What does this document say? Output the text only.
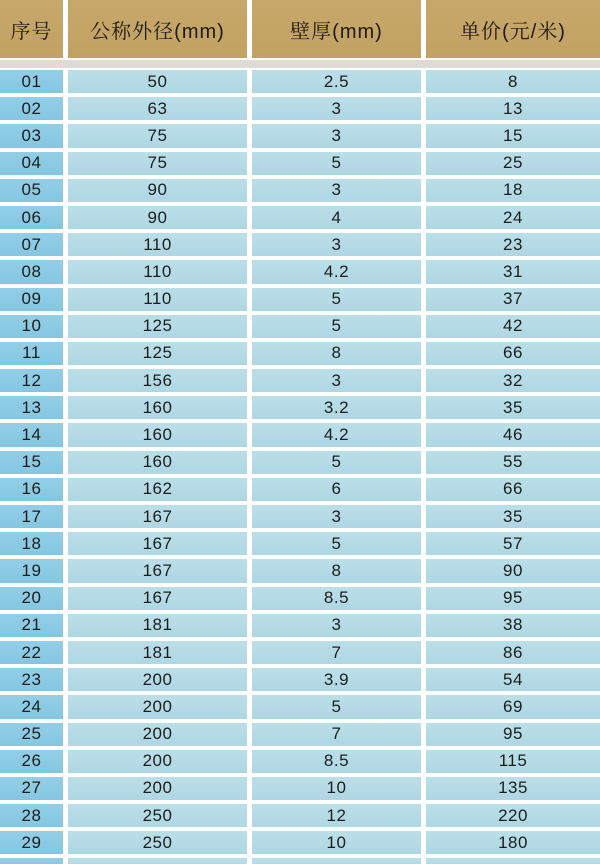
序号	公称外径(mm)	壁厚(mm)	单价(元/米)
01	50	2.5	8
02	63	3	13
03	75	3	15
04	75	5	25
05	90	3	18
06	90	4	24
07	110	3	23
08	110	4.2	31
09	110	5	37
10	125	5	42
11	125	8	66
12	156	3	32
13	160	3.2	35
14	160	4.2	46
15	160	5	55
16	162	6	66
17	167	3	35
18	167	5	57
19	167	8	90
20	167	8.5	95
21	181	3	38
22	181	7	86
23	200	3.9	54
24	200	5	69
25	200	7	95
26	200	8.5	115
27	200	10	135
28	250	12	220
29	250	10	180
